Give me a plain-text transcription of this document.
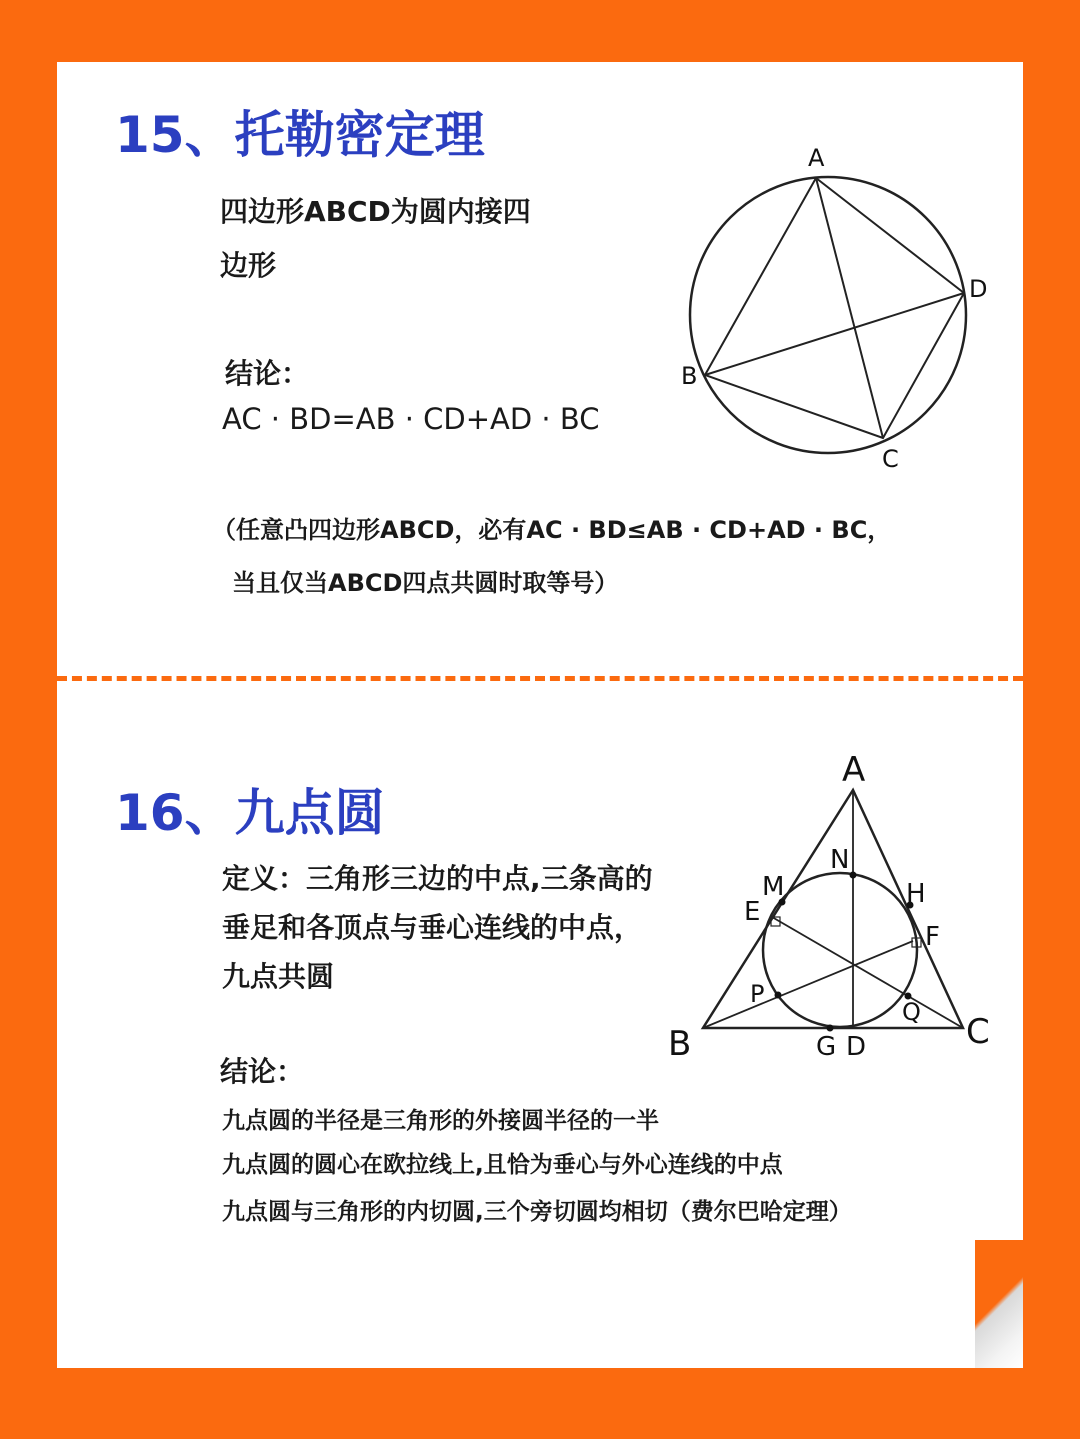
15、托勒密定理
四边形ABCD为圆内接四
边形
结论：
AC · BD=AB · CD+AD · BC
（任意凸四边形ABCD，必有AC · BD≤AB · CD+AD · BC，
当且仅当ABCD四点共圆时取等号）
A
D
B
C
16、九点圆
定义：三角形三边的中点,三条高的
垂足和各顶点与垂心连线的中点，
九点共圆
结论：
九点圆的半径是三角形的外接圆半径的一半
九点圆的圆心在欧拉线上,且恰为垂心与外心连线的中点
九点圆与三角形的内切圆,三个旁切圆均相切（费尔巴哈定理）
A
N
M	H
E
F
P
Q
B	C
G D
